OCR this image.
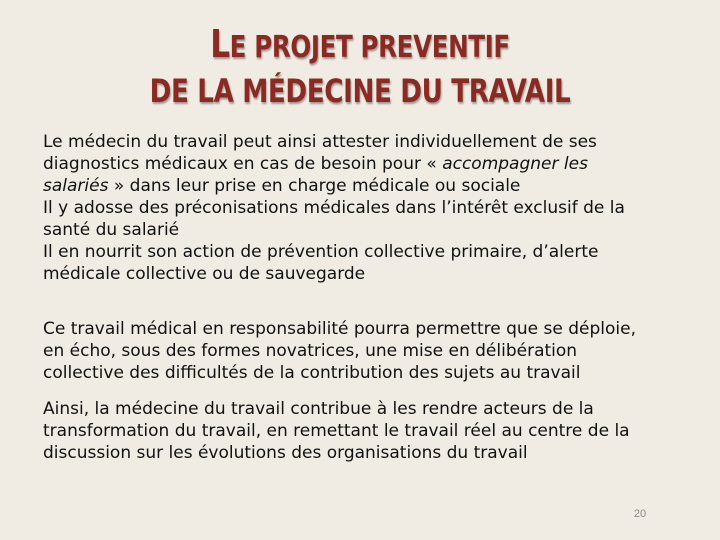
LE PROJET PREVENTIF
DE LA MÉDECINE DU TRAVAIL
Le médecin du travail peut ainsi attester individuellement de ses
diagnostics médicaux en cas de besoin pour « accompagner les
salariés » dans leur prise en charge médicale ou sociale
Il y adosse des préconisations médicales dans l’intérêt exclusif de la
santé du salarié
Il en nourrit son action de prévention collective primaire, d’alerte
médicale collective ou de sauvegarde
Ce travail médical en responsabilité pourra permettre que se déploie,
en écho, sous des formes novatrices, une mise en délibération
collective des difficultés de la contribution des sujets au travail
Ainsi, la médecine du travail contribue à les rendre acteurs de la
transformation du travail, en remettant le travail réel au centre de la
discussion sur les évolutions des organisations du travail
20
